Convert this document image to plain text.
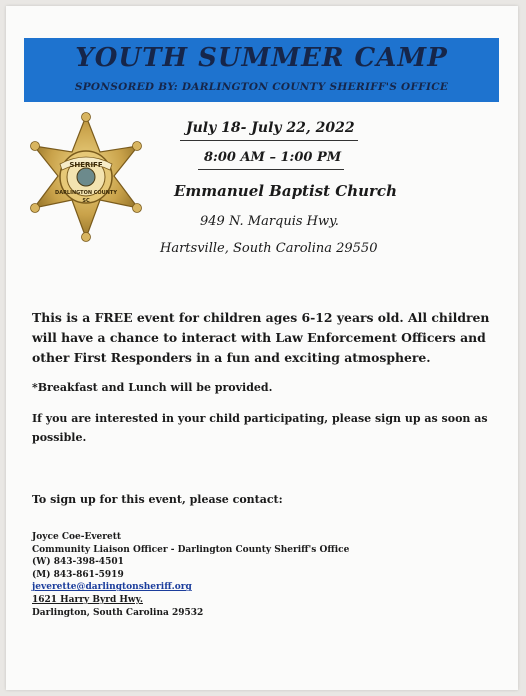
YOUTH SUMMER CAMP
SPONSORED BY: DARLINGTON COUNTY SHERIFF'S OFFICE
SHERIFF
DARLINGTON COUNTY
SC
July 18- July 22, 2022
8:00 AM – 1:00 PM
Emmanuel Baptist Church
949 N. Marquis Hwy.
Hartsville, South Carolina 29550
This is a FREE event for children ages 6-12 years old. All children will have a chance to interact with Law Enforcement Officers and other First Responders in a fun and exciting atmosphere.
*Breakfast and Lunch will be provided.
If you are interested in your child participating, please sign up as soon as possible.
To sign up for this event, please contact:
Joyce Coe-Everett
Community Liaison Officer - Darlington County Sheriff's Office
(W) 843-398-4501
(M) 843-861-5919
jeverette@darlingtonsheriff.org
1621 Harry Byrd Hwy.
Darlington, South Carolina 29532
